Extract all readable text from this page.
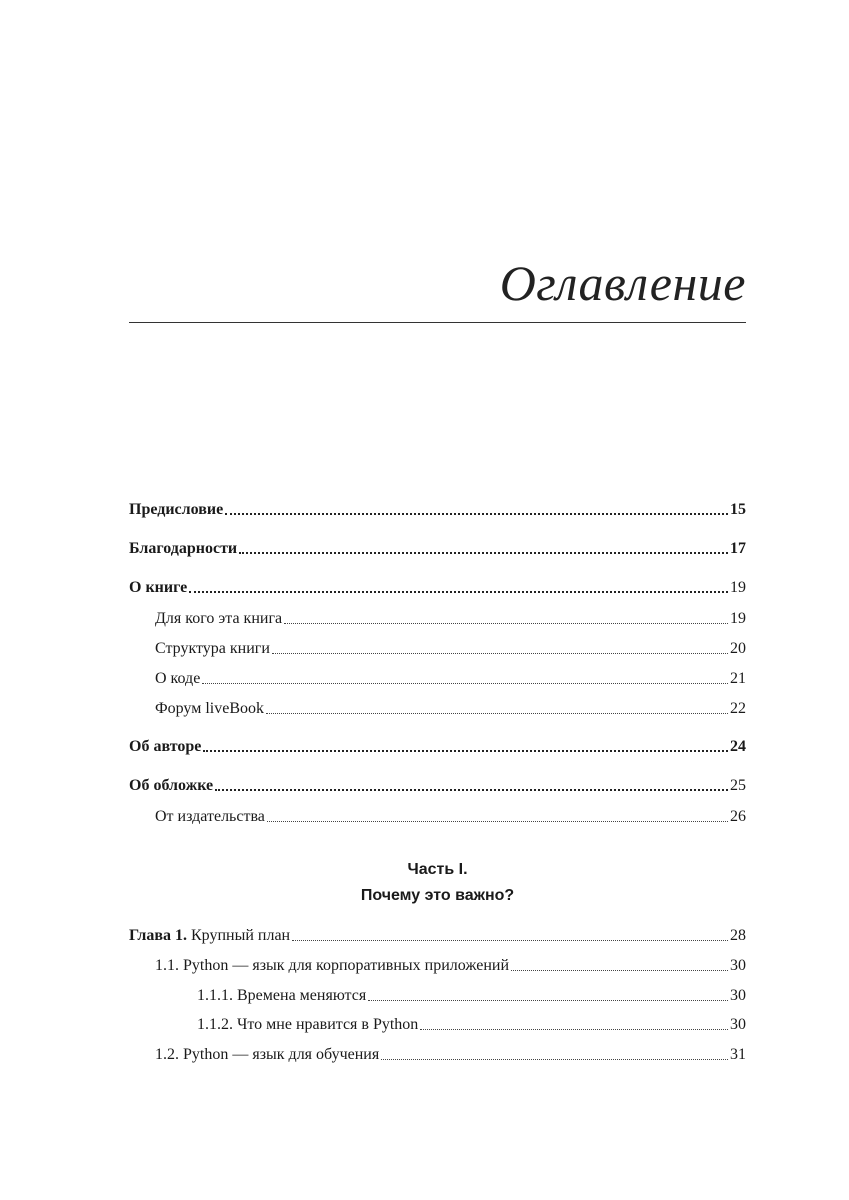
Оглавление
Предисловие	15
Благодарности	17
О книге	19
Для кого эта книга	19
Структура книги	20
О коде	21
Форум liveBook	22
Об авторе	24
Об обложке	25
От издательства	26
Часть I.
Почему это важно?
Глава 1. Крупный план	28
1.1. Python — язык для корпоративных приложений	30
1.1.1. Времена меняются	30
1.1.2. Что мне нравится в Python	30
1.2. Python — язык для обучения	31
